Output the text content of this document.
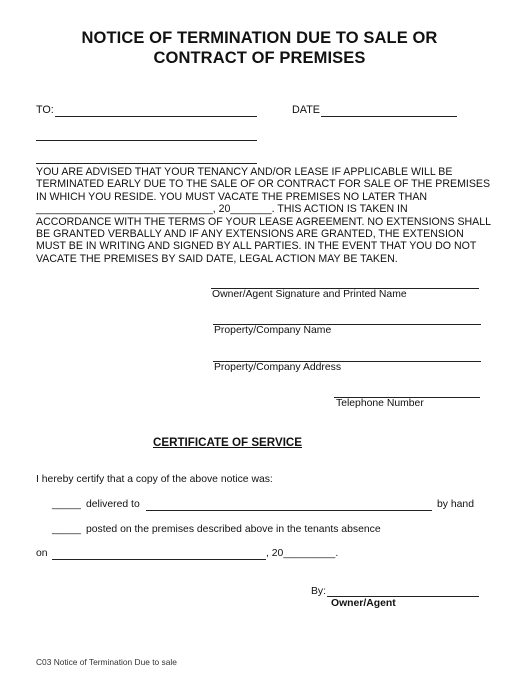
NOTICE OF TERMINATION DUE TO SALE OR
CONTRACT OF PREMISES
TO:	DATE
YOU ARE ADVISED THAT YOUR TENANCY AND/OR LEASE IF APPLICABLE WILL BE
TERMINATED EARLY DUE TO THE SALE OF OR CONTRACT FOR SALE OF THE PREMISES
IN WHICH YOU RESIDE. YOU MUST VACATE THE PREMISES NO LATER THAN
______________________________, 20_______. THIS ACTION IS TAKEN IN
ACCORDANCE WITH THE TERMS OF YOUR LEASE AGREEMENT. NO EXTENSIONS SHALL
BE GRANTED VERBALLY AND IF ANY EXTENSIONS ARE GRANTED, THE EXTENSION
MUST BE IN WRITING AND SIGNED BY ALL PARTIES. IN THE EVENT THAT YOU DO NOT
VACATE THE PREMISES BY SAID DATE, LEGAL ACTION MAY BE TAKEN.
Owner/Agent Signature and Printed Name
Property/Company Name
Property/Company Address
Telephone Number
CERTIFICATE OF SERVICE
I hereby certify that a copy of the above notice was:
_____ delivered to	by hand
_____ posted on the premises described above in the tenants absence
on	, 20_________.
By:
Owner/Agent
C03 Notice of Termination Due to sale
